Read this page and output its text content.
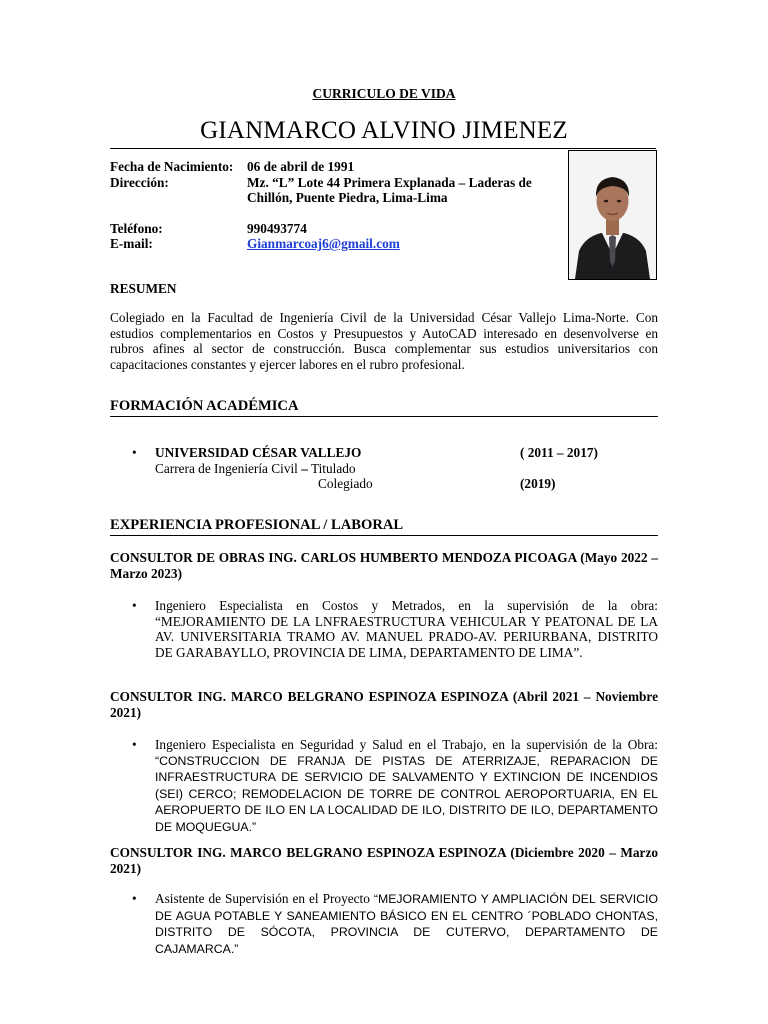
CURRICULO DE VIDA
GIANMARCO ALVINO JIMENEZ
Fecha de Nacimiento:	06 de abril de 1991
Dirección:	Mz. “L” Lote 44 Primera Explanada – Laderas de Chillón, Puente Piedra, Lima-Lima
Teléfono:	990493774
E-mail:	Gianmarcoaj6@gmail.com
RESUMEN
Colegiado en la Facultad de Ingeniería Civil de la Universidad César Vallejo Lima-Norte. Con estudios complementarios en Costos y Presupuestos y AutoCAD interesado en desenvolverse en rubros afines al sector de construcción. Busca complementar sus estudios universitarios con capacitaciones constantes y ejercer labores en el rubro profesional.
FORMACIÓN ACADÉMICA
• UNIVERSIDAD CÉSAR VALLEJO	( 2011 – 2017)
Carrera de Ingeniería Civil – Titulado
Colegiado	(2019)
EXPERIENCIA PROFESIONAL / LABORAL
CONSULTOR DE OBRAS ING. CARLOS HUMBERTO MENDOZA PICOAGA (Mayo 2022 – Marzo 2023)
• Ingeniero Especialista en Costos y Metrados, en la supervisión de la obra: “MEJORAMIENTO DE LA LNFRAESTRUCTURA VEHICULAR Y PEATONAL DE LA AV. UNIVERSITARIA TRAMO AV. MANUEL PRADO-AV. PERIURBANA, DISTRITO DE GARABAYLLO, PROVINCIA DE LIMA, DEPARTAMENTO DE LIMA”.
CONSULTOR ING. MARCO BELGRANO ESPINOZA ESPINOZA (Abril 2021 – Noviembre 2021)
• Ingeniero Especialista en Seguridad y Salud en el Trabajo, en la supervisión de la Obra: “CONSTRUCCION DE FRANJA DE PISTAS DE ATERRIZAJE, REPARACION DE INFRAESTRUCTURA DE SERVICIO DE SALVAMENTO Y EXTINCION DE INCENDIOS (SEI) CERCO; REMODELACION DE TORRE DE CONTROL AEROPORTUARIA, EN EL AEROPUERTO DE ILO EN LA LOCALIDAD DE ILO, DISTRITO DE ILO, DEPARTAMENTO DE MOQUEGUA.”
CONSULTOR ING. MARCO BELGRANO ESPINOZA ESPINOZA (Diciembre 2020 – Marzo 2021)
• Asistente de Supervisión en el Proyecto “MEJORAMIENTO Y AMPLIACIÓN DEL SERVICIO DE AGUA POTABLE Y SANEAMIENTO BÁSICO EN EL CENTRO ´POBLADO CHONTAS, DISTRITO DE SÓCOTA, PROVINCIA DE CUTERVO, DEPARTAMENTO DE CAJAMARCA.”
